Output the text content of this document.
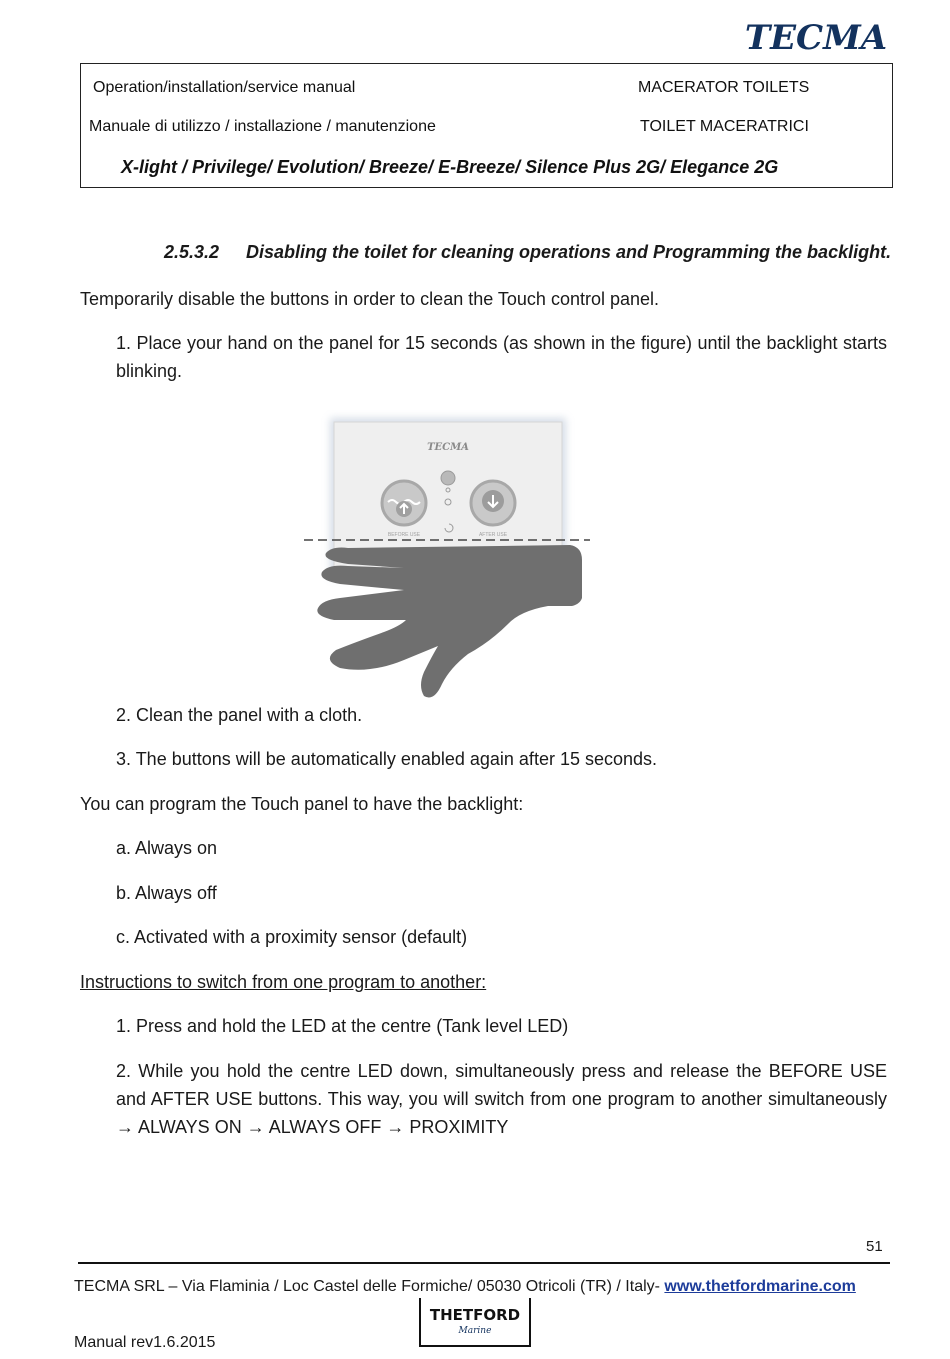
TECMA
Operation/installation/service manual	MACERATOR TOILETS
Manuale di utilizzo / installazione / manutenzione	TOILET MACERATRICI
X-light / Privilege/ Evolution/ Breeze/ E-Breeze/ Silence Plus 2G/ Elegance 2G
2.5.3.2 Disabling the toilet for cleaning operations and Programming the backlight.
Temporarily disable the buttons in order to clean the Touch control panel.
1. Place your hand on the panel for 15 seconds (as shown in the figure) until the backlight starts blinking.
TECMA
BEFORE USE	AFTER USE
2. Clean the panel with a cloth.
3. The buttons will be automatically enabled again after 15 seconds.
You can program the Touch panel to have the backlight:
a. Always on
b. Always off
c. Activated with a proximity sensor (default)
Instructions to switch from one program to another:
1. Press and hold the LED at the centre (Tank level LED)
2. While you hold the centre LED down, simultaneously press and release the BEFORE USE and AFTER USE buttons. This way, you will switch from one program to another simultaneously → ALWAYS ON → ALWAYS OFF → PROXIMITY
51
TECMA SRL – Via Flaminia / Loc Castel delle Formiche/ 05030 Otricoli (TR) / Italy- www.thetfordmarine.com
THETFORD
Marine
Manual rev1.6.2015
